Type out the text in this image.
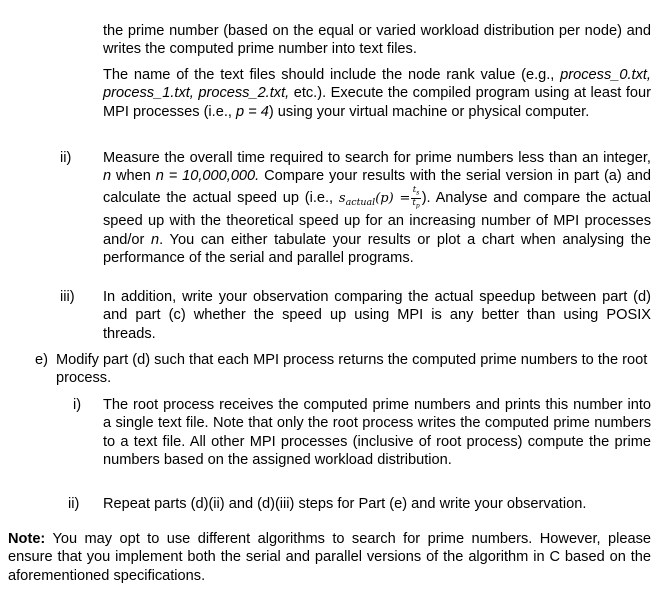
the prime number (based on the equal or varied workload distribution per node) and writes the computed prime number into text files.
The name of the text files should include the node rank value (e.g., process_0.txt, process_1.txt, process_2.txt, etc.). Execute the compiled program using at least four MPI processes (i.e., p = 4) using your virtual machine or physical computer.
ii) Measure the overall time required to search for prime numbers less than an integer, n when n = 10,000,000. Compare your results with the serial version in part (a) and calculate the actual speed up (i.e., $s_{actual}(p) = \frac{t_s}{t_p}$ ). Analyse and compare the actual speed up with the theoretical speed up for an increasing number of MPI processes and/or n. You can either tabulate your results or plot a chart when analysing the performance of the serial and parallel programs.
iii) In addition, write your observation comparing the actual speedup between part (d) and part (c) whether the speed up using MPI is any better than using POSIX threads.
e) Modify part (d) such that each MPI process returns the computed prime numbers to the root process.
i) The root process receives the computed prime numbers and prints this number into a single text file. Note that only the root process writes the computed prime numbers to a text file. All other MPI processes (inclusive of root process) compute the prime numbers based on the assigned workload distribution.
ii) Repeat parts (d)(ii) and (d)(iii) steps for Part (e) and write your observation.
Note: You may opt to use different algorithms to search for prime numbers. However, please ensure that you implement both the serial and parallel versions of the algorithm in C based on the aforementioned specifications.
